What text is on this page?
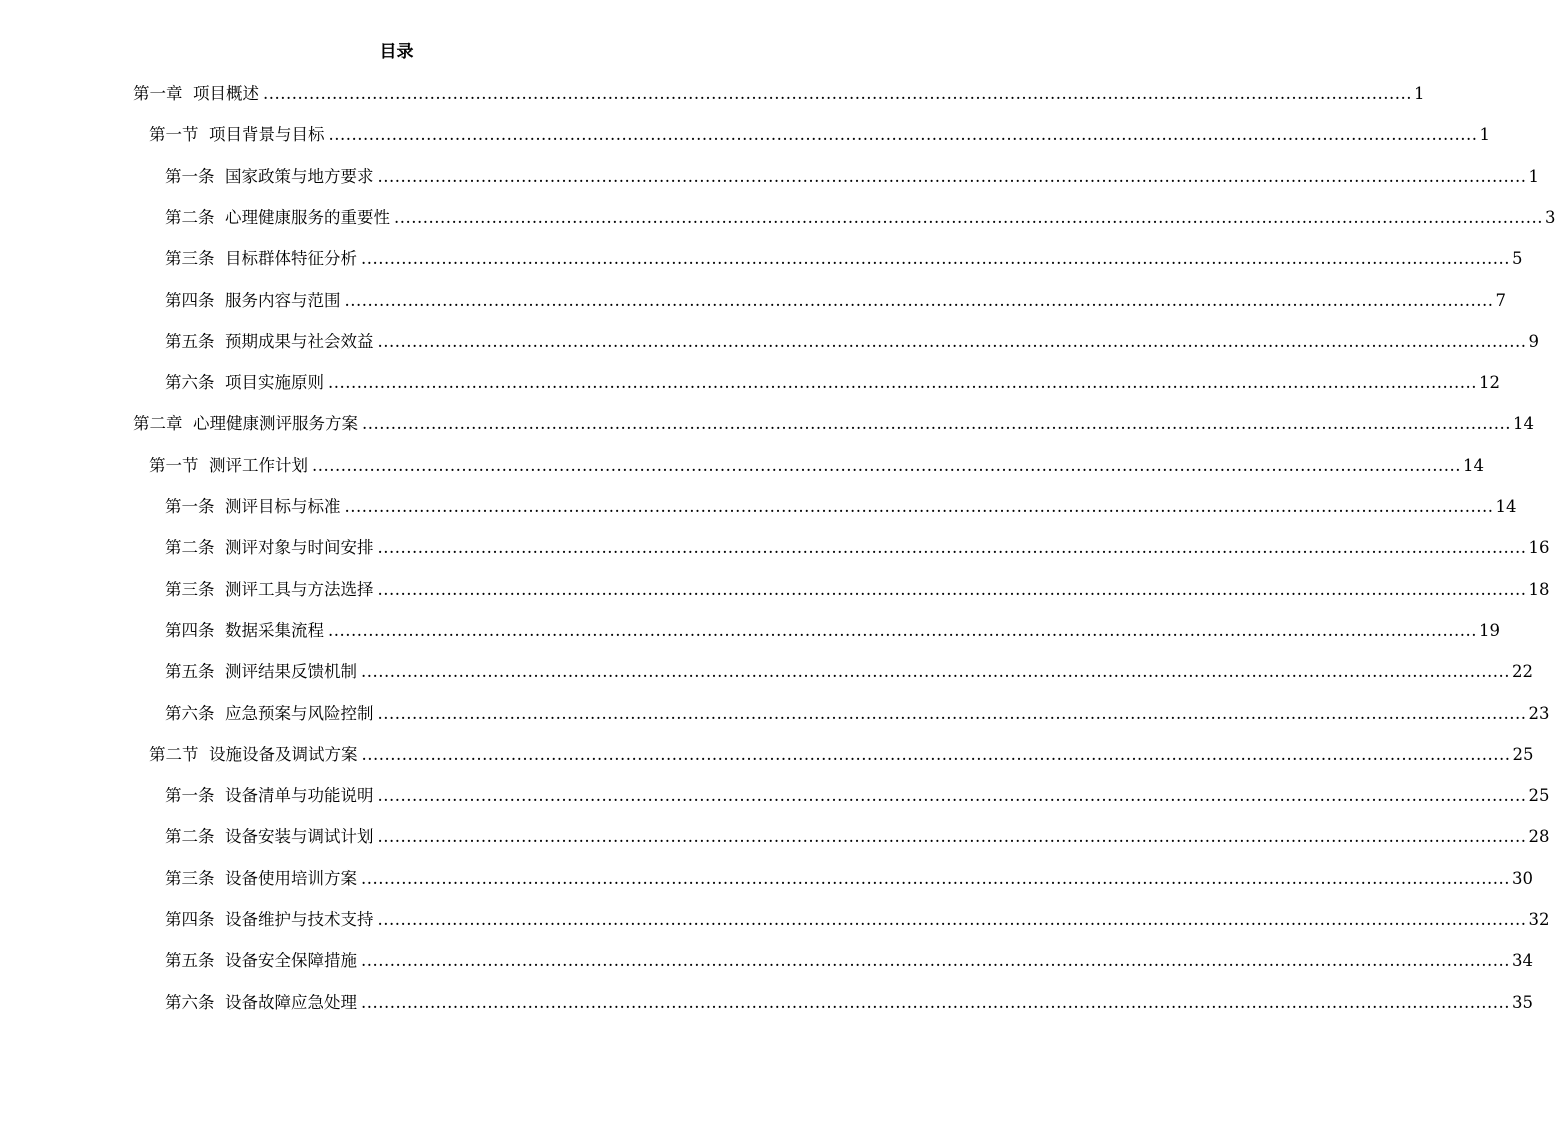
目录
第一章
项目概述 ........................................................................................................................................................................................................ 1
第一节
项目背景与目标 ........................................................................................................................................................................................................ 1
第一条
国家政策与地方要求 ........................................................................................................................................................................................................ 1
第二条
心理健康服务的重要性 ........................................................................................................................................................................................................ 3
第三条
目标群体特征分析 ........................................................................................................................................................................................................ 5
第四条
服务内容与范围 ........................................................................................................................................................................................................ 7
第五条
预期成果与社会效益 ........................................................................................................................................................................................................ 9
第六条
项目实施原则 ........................................................................................................................................................................................................ 12
第二章
心理健康测评服务方案 ........................................................................................................................................................................................................ 14
第一节
测评工作计划 ........................................................................................................................................................................................................ 14
第一条
测评目标与标准 ........................................................................................................................................................................................................ 14
第二条
测评对象与时间安排 ........................................................................................................................................................................................................ 16
第三条
测评工具与方法选择 ........................................................................................................................................................................................................ 18
第四条
数据采集流程 ........................................................................................................................................................................................................ 19
第五条
测评结果反馈机制 ........................................................................................................................................................................................................ 22
第六条
应急预案与风险控制 ........................................................................................................................................................................................................ 23
第二节
设施设备及调试方案 ........................................................................................................................................................................................................ 25
第一条
设备清单与功能说明 ........................................................................................................................................................................................................ 25
第二条
设备安装与调试计划 ........................................................................................................................................................................................................ 28
第三条
设备使用培训方案 ........................................................................................................................................................................................................ 30
第四条
设备维护与技术支持 ........................................................................................................................................................................................................ 32
第五条
设备安全保障措施 ........................................................................................................................................................................................................ 34
第六条
设备故障应急处理 ........................................................................................................................................................................................................ 35
